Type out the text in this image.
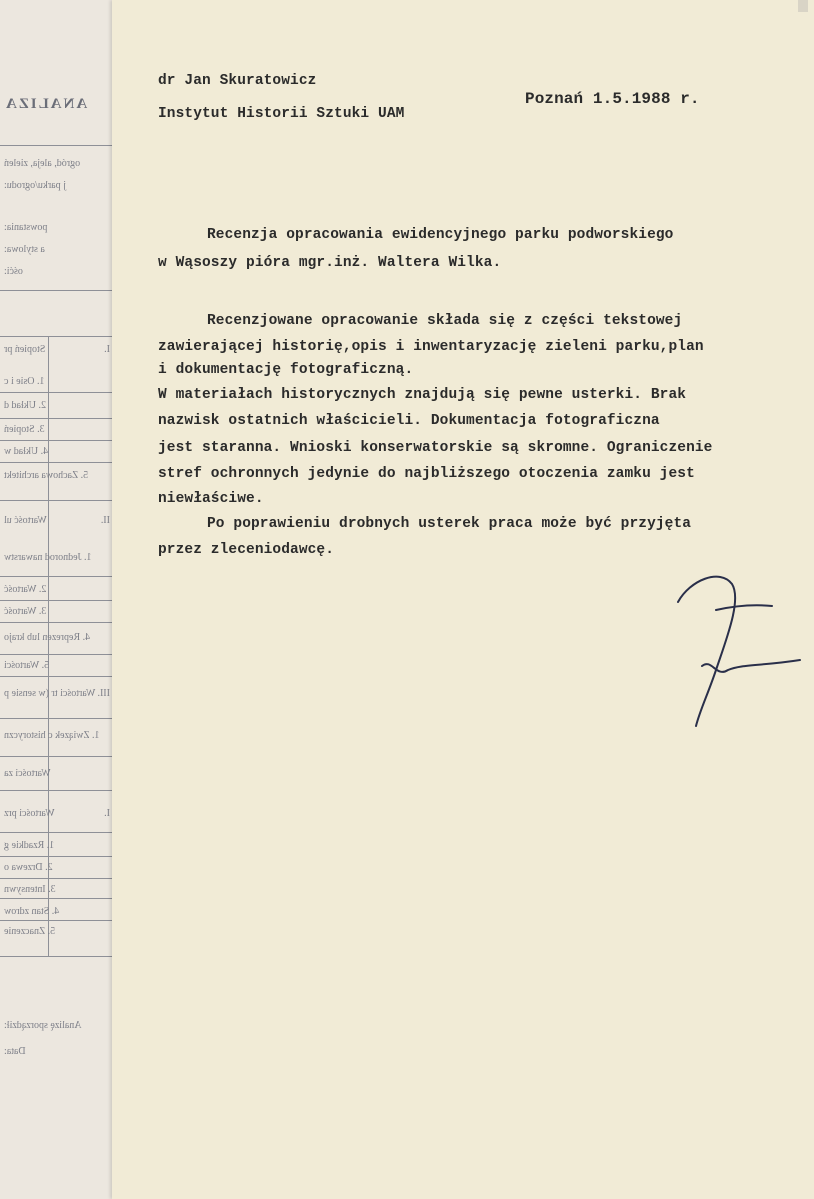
ANALIZA
ogród, aleja, zieleń
j parku/ogrodu:
powstania:
a stylowa:
ośći:
Stopień pr
1. Osie i c
2. Układ d
3. Stopień
4. Układ w
5. Zachowa architekt
Wartość ul
1. Jednorod nawarstw
2. Wartość
3. Wartość
4. Reprezen lub krajo
5. Wartości
Wartości tr (w sensie p
1. Związek c historyczn
Wartości za
Wartości prz
1. Rzadkie g
2. Drzewa o
3. Intensywn
4. Stan zdrow
5. Znaczenie
Analizę sporządził:
Data:
I.
II.
III.
I.
dr Jan Skuratowicz
Instytut Historii Sztuki UAM
Poznań 1.5.1988 r.
Recenzja opracowania ewidencyjnego parku podworskiego
w Wąsoszy pióra mgr.inż. Waltera Wilka.
Recenzjowane opracowanie składa się z części tekstowej
zawierającej historię,opis i inwentaryzację zieleni parku,plan
i dokumentację fotograficzną.
W materiałach historycznych znajdują się pewne usterki. Brak
nazwisk ostatnich właścicieli. Dokumentacja fotograficzna
jest staranna. Wnioski konserwatorskie są skromne. Ograniczenie
stref ochronnych jedynie do najbliższego otoczenia zamku jest
niewłaściwe.
Po poprawieniu drobnych usterek praca może być przyjęta
przez zleceniodawcę.
